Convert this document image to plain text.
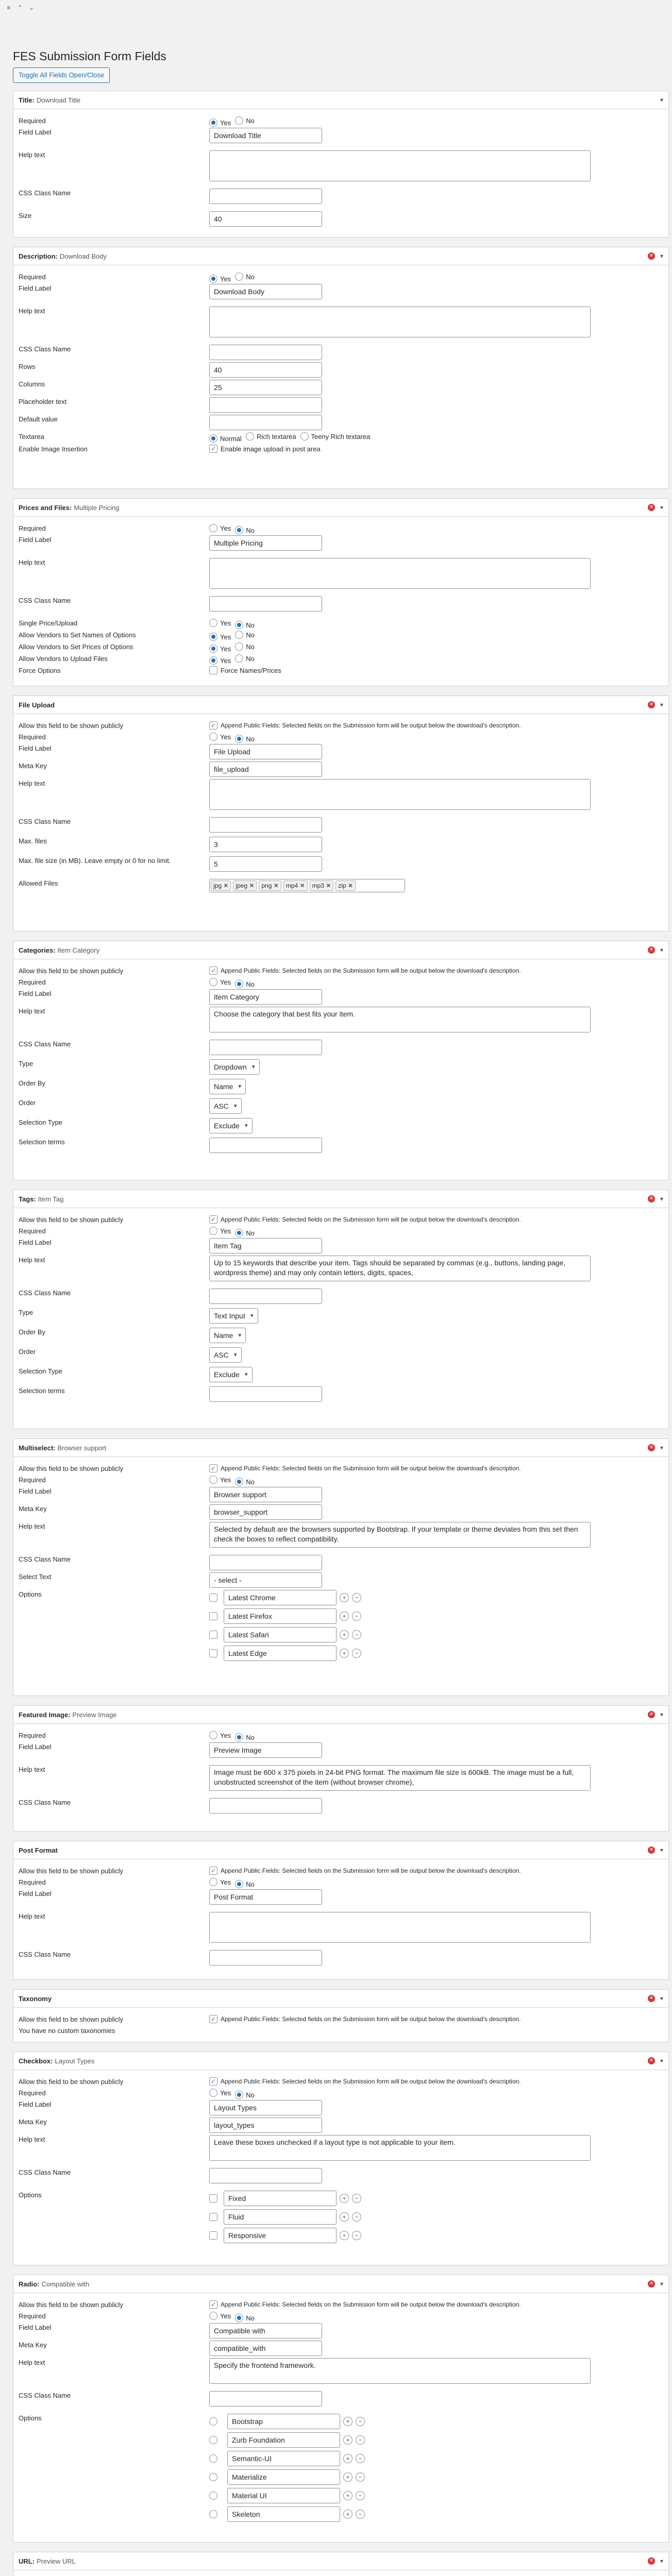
≡	⌃ ⌄
FES Submission Form Fields
Toggle All Fields Open/Close
Title: Download Title	▾
Required	Yes No
Field Label	Download Title
Help text
CSS Class Name
Size	40
Description: Download Body	✕ ▾
Required	Yes No
Field Label	Download Body
Help text
CSS Class Name
Rows	40
Columns	25
Placeholder text
Default value
Textarea	Normal Rich textarea Teeny Rich textarea
Enable Image Insertion	✓ Enable image upload in post area
Prices and Files: Multiple Pricing	✕ ▾
Required	Yes No
Field Label	Multiple Pricing
Help text
CSS Class Name
Single Price/Upload	Yes No
Allow Vendors to Set Names of Options	Yes No
Allow Vendors to Set Prices of Options	Yes No
Allow Vendors to Upload Files	Yes No
Force Options	Force Names/Prices
File Upload	✕ ▾
Allow this field to be shown publicly	✓ Append Public Fields: Selected fields on the Submission form will be output below the download's description.
Required	Yes No
Field Label	File Upload
Meta Key	file_upload
Help text
CSS Class Name
Max. files	3
Max. file size (in MB). Leave empty or 0 for no limit.	5
Allowed Files	jpg ✕	jpeg ✕	png ✕	mp4 ✕	mp3 ✕	zip ✕
Categories: Item Category	✕ ▾
Allow this field to be shown publicly	✓ Append Public Fields: Selected fields on the Submission form will be output below the download's description.
Required	Yes No
Field Label	Item Category
Help text	Choose the category that best fits your item.
CSS Class Name
Type	Dropdown ▼
Order By	Name ▼
Order	ASC ▼
Selection Type	Exclude ▼
Selection terms
Tags: Item Tag	✕ ▾
Allow this field to be shown publicly	✓ Append Public Fields: Selected fields on the Submission form will be output below the download's description.
Required	Yes No
Field Label	Item Tag
Help text	Up to 15 keywords that describe your item. Tags should be separated by commas (e.g., buttons, landing page, wordpress theme) and may only contain letters, digits, spaces,
CSS Class Name
Type	Text Input ▼
Order By	Name ▼
Order	ASC ▼
Selection Type	Exclude ▼
Selection terms
Multiselect: Browser support	✕ ▾
Allow this field to be shown publicly	✓ Append Public Fields: Selected fields on the Submission form will be output below the download's description.
Required	Yes No
Field Label	Browser support
Meta Key	browser_support
Help text	Selected by default are the browsers supported by Bootstrap. If your template or theme deviates from this set then check the boxes to reflect compatibility.
CSS Class Name
Select Text	- select -
Options	Latest Chrome	+	−
Latest Firefox	+	−
Latest Safari	+	−
Latest Edge	+	−
Featured Image: Preview Image	✕ ▾
Required	Yes No
Field Label	Preview Image
Help text	Image must be 600 x 375 pixels in 24-bit PNG format. The maximum file size is 600kB. The image must be a full, unobstructed screenshot of the item (without browser chrome),
CSS Class Name
Post Format	✕ ▾
Allow this field to be shown publicly	✓ Append Public Fields: Selected fields on the Submission form will be output below the download's description.
Required	Yes No
Field Label	Post Format
Help text
CSS Class Name
Taxonomy	✕ ▾
Allow this field to be shown publicly	✓ Append Public Fields: Selected fields on the Submission form will be output below the download's description.
You have no custom taxonomies
Checkbox: Layout Types	✕ ▾
Allow this field to be shown publicly	✓ Append Public Fields: Selected fields on the Submission form will be output below the download's description.
Required	Yes No
Field Label	Layout Types
Meta Key	layout_types
Help text	Leave these boxes unchecked if a layout type is not applicable to your item.
CSS Class Name
Options	Fixed	+	−
Fluid	+	−
Responsive	+	−
Radio: Compatible with	✕ ▾
Allow this field to be shown publicly	✓ Append Public Fields: Selected fields on the Submission form will be output below the download's description.
Required	Yes No
Field Label	Compatible with
Meta Key	compatible_with
Help text	Specify the frontend framework.
CSS Class Name
Options	Bootstrap	+	−
Zurb Foundation	+	−
Semantic-UI	+	−
Materialize	+	−
Material UI	+	−
Skeleton	+	−
URL: Preview URL	✕ ▾
